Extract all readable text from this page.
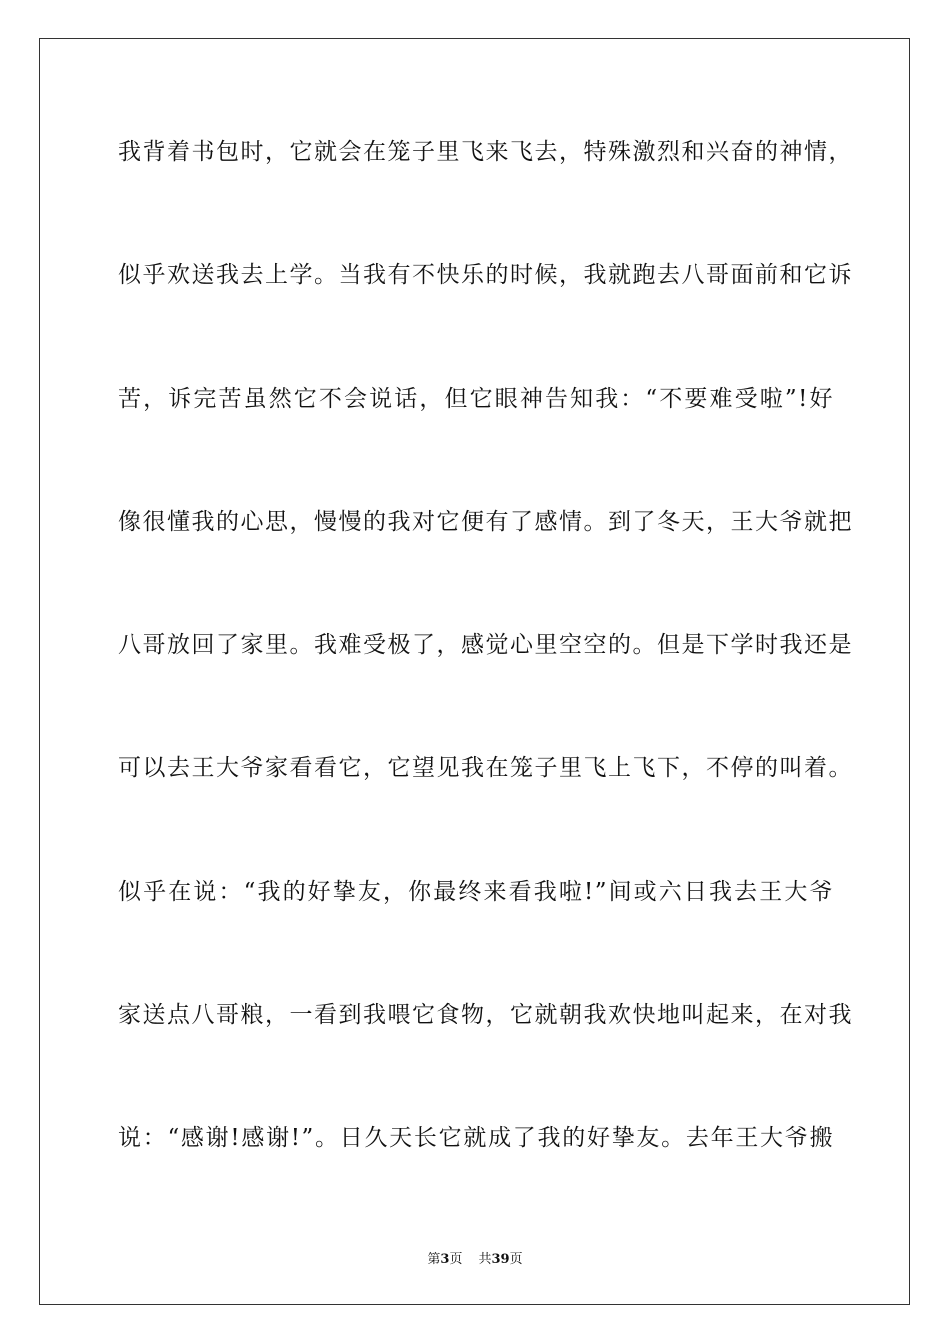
我背着书包时，它就会在笼子里飞来飞去，特殊激烈和兴奋的神情，
似乎欢送我去上学。当我有不快乐的时候，我就跑去八哥面前和它诉
苦，诉完苦虽然它不会说话，但它眼神告知我：“不要难受啦”!好
像很懂我的心思，慢慢的我对它便有了感情。到了冬天，王大爷就把
八哥放回了家里。我难受极了，感觉心里空空的。但是下学时我还是
可以去王大爷家看看它，它望见我在笼子里飞上飞下，不停的叫着。
似乎在说：“我的好挚友，你最终来看我啦!”间或六日我去王大爷
家送点八哥粮，一看到我喂它食物，它就朝我欢快地叫起来，在对我
说：“感谢!感谢!”。日久天长它就成了我的好挚友。去年王大爷搬
第3页 共39页
